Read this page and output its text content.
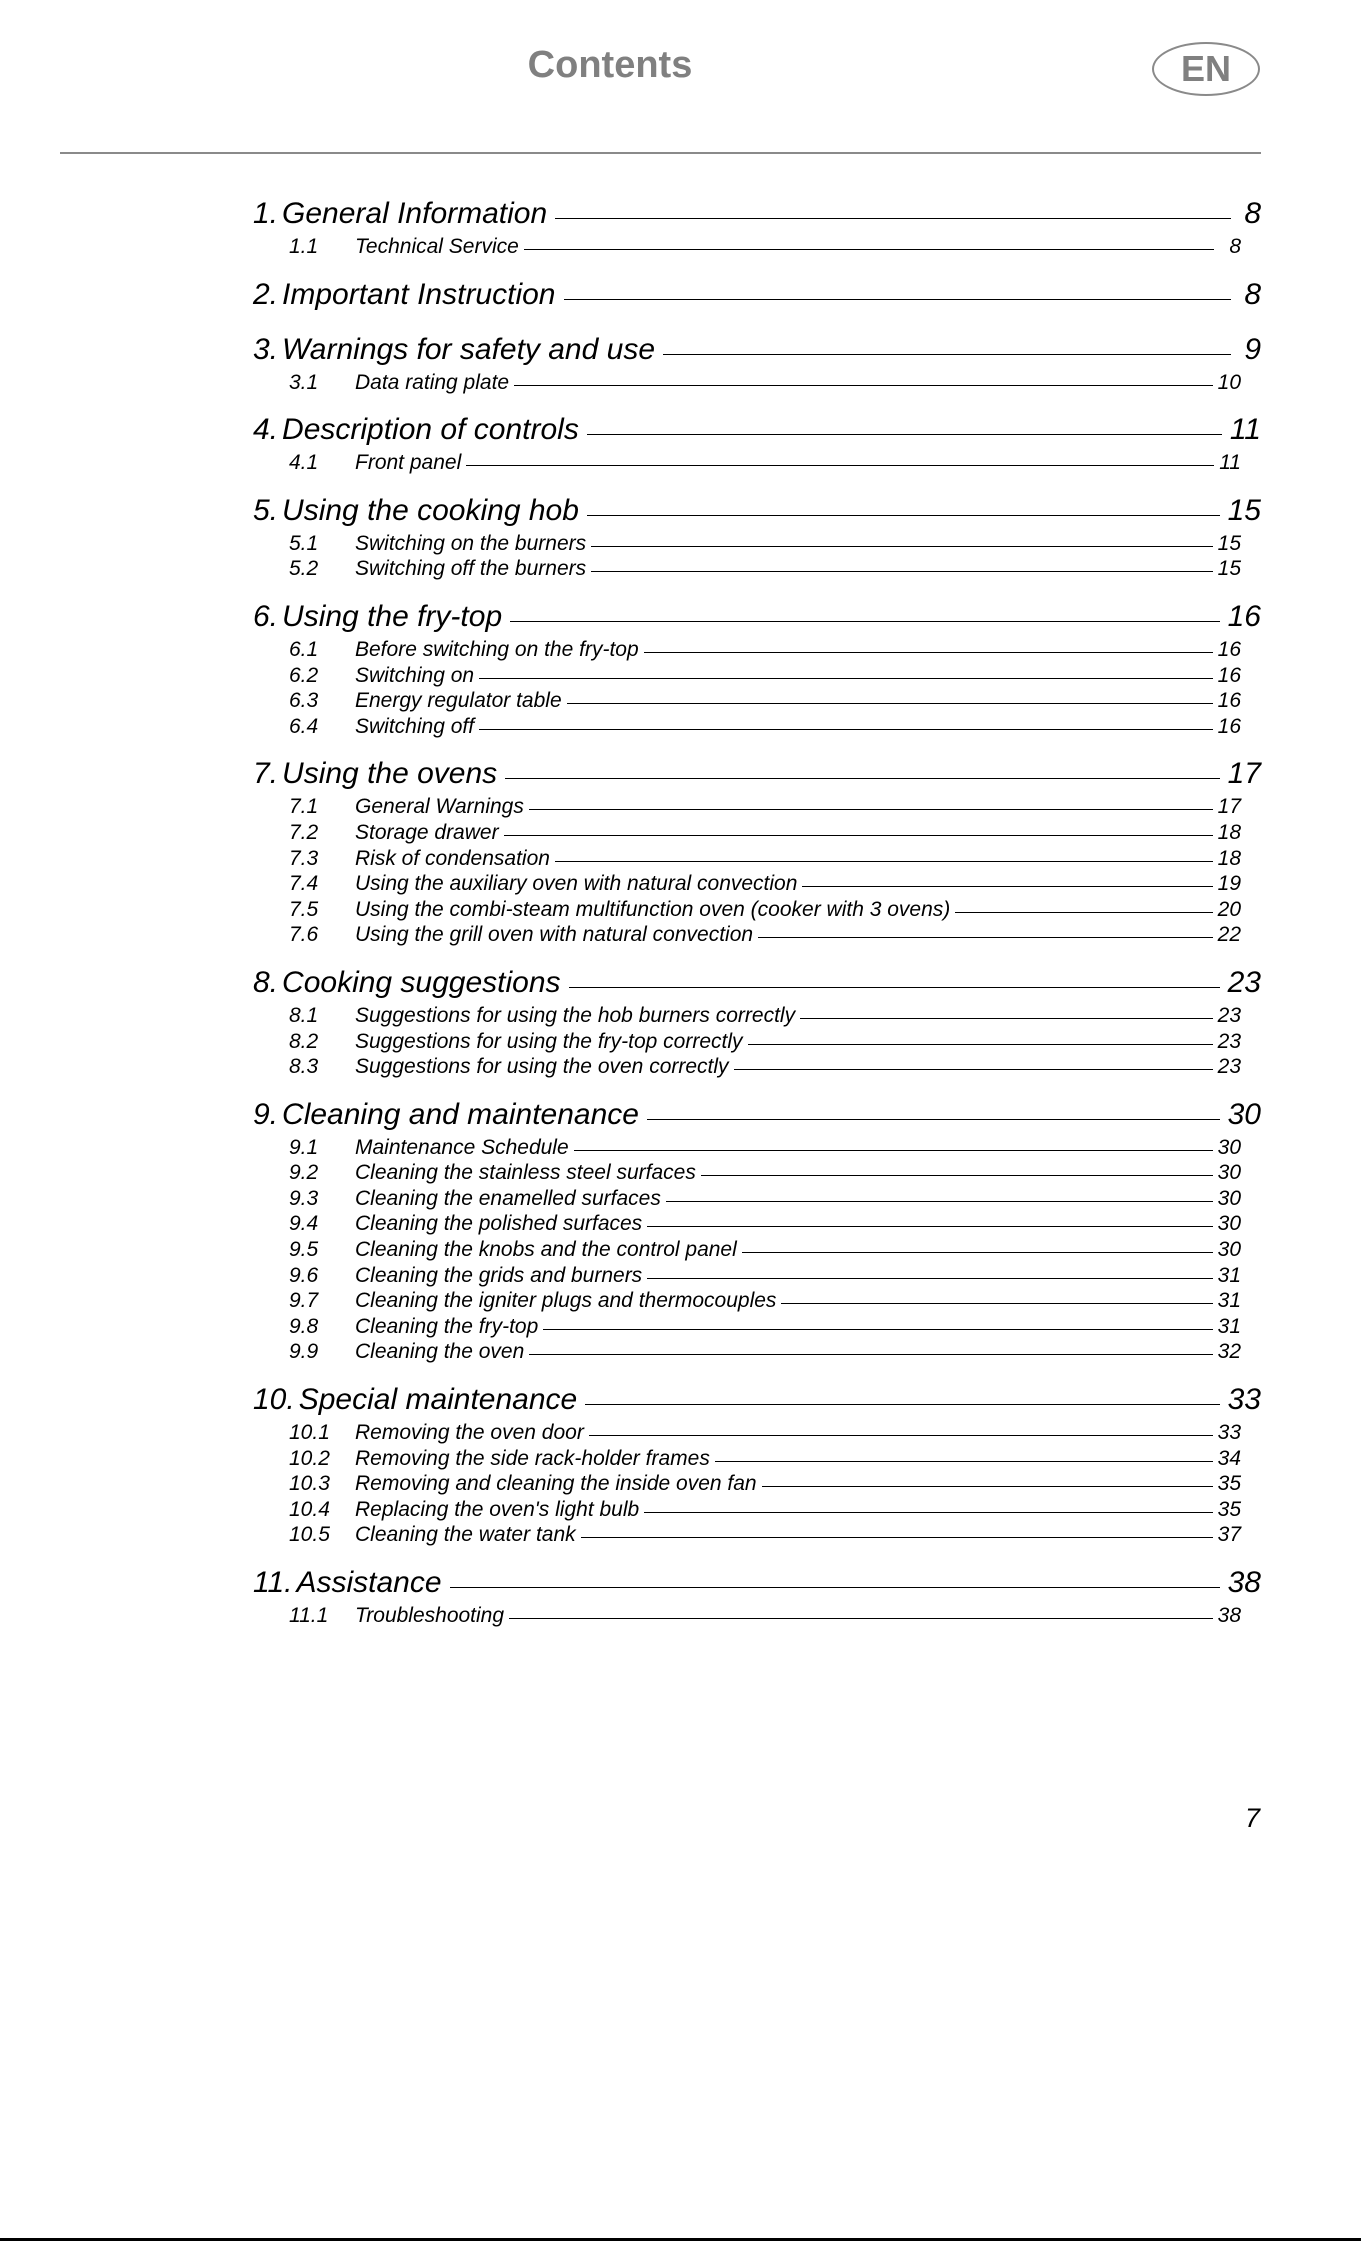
Contents	EN
1. General Information	8
1.1	Technical Service	8
2. Important Instruction	8
3. Warnings for safety and use	9
3.1	Data rating plate	10
4. Description of controls	11
4.1	Front panel	11
5. Using the cooking hob	15
5.1	Switching on the burners	15
5.2	Switching off the burners	15
6. Using the fry-top	16
6.1	Before switching on the fry-top	16
6.2	Switching on	16
6.3	Energy regulator table	16
6.4	Switching off	16
7. Using the ovens	17
7.1	General Warnings	17
7.2	Storage drawer	18
7.3	Risk of condensation	18
7.4	Using the auxiliary oven with natural convection	19
7.5	Using the combi-steam multifunction oven (cooker with 3 ovens)	20
7.6	Using the grill oven with natural convection	22
8. Cooking suggestions	23
8.1	Suggestions for using the hob burners correctly	23
8.2	Suggestions for using the fry-top correctly	23
8.3	Suggestions for using the oven correctly	23
9. Cleaning and maintenance	30
9.1	Maintenance Schedule	30
9.2	Cleaning the stainless steel surfaces	30
9.3	Cleaning the enamelled surfaces	30
9.4	Cleaning the polished surfaces	30
9.5	Cleaning the knobs and the control panel	30
9.6	Cleaning the grids and burners	31
9.7	Cleaning the igniter plugs and thermocouples	31
9.8	Cleaning the fry-top	31
9.9	Cleaning the oven	32
10. Special maintenance	33
10.1	Removing the oven door	33
10.2	Removing the side rack-holder frames	34
10.3	Removing and cleaning the inside oven fan	35
10.4	Replacing the oven's light bulb	35
10.5	Cleaning the water tank	37
11. Assistance	38
11.1	Troubleshooting	38
7
